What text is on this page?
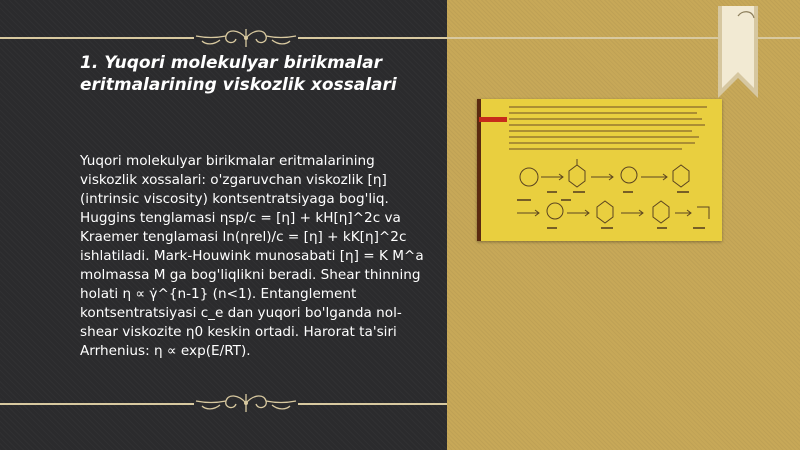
1. Yuqori molekulyar birikmalar eritmalarining viskozlik xossalari

Yuqori molekulyar birikmalar eritmalarining viskozlik xossalari: o'zgaruvchan viskozlik [η] (intrinsic viscosity) kontsentratsiyaga bog'liq. Huggins tenglamasi ηsp/c = [η] + kH[η]^2c va Kraemer tenglamasi ln(ηrel)/c = [η] + kK[η]^2c ishlatiladi. Mark-Houwink munosabati [η] = K M^a molmassa M ga bog'liqlikni beradi. Shear thinning holati η ∝ γ̇^{n-1} (n<1). Entanglement kontsentratsiyasi c_e dan yuqori bo'lganda nol-shear viskozite η0 keskin ortadi. Harorat ta'siri Arrhenius: η ∝ exp(E/RT).
